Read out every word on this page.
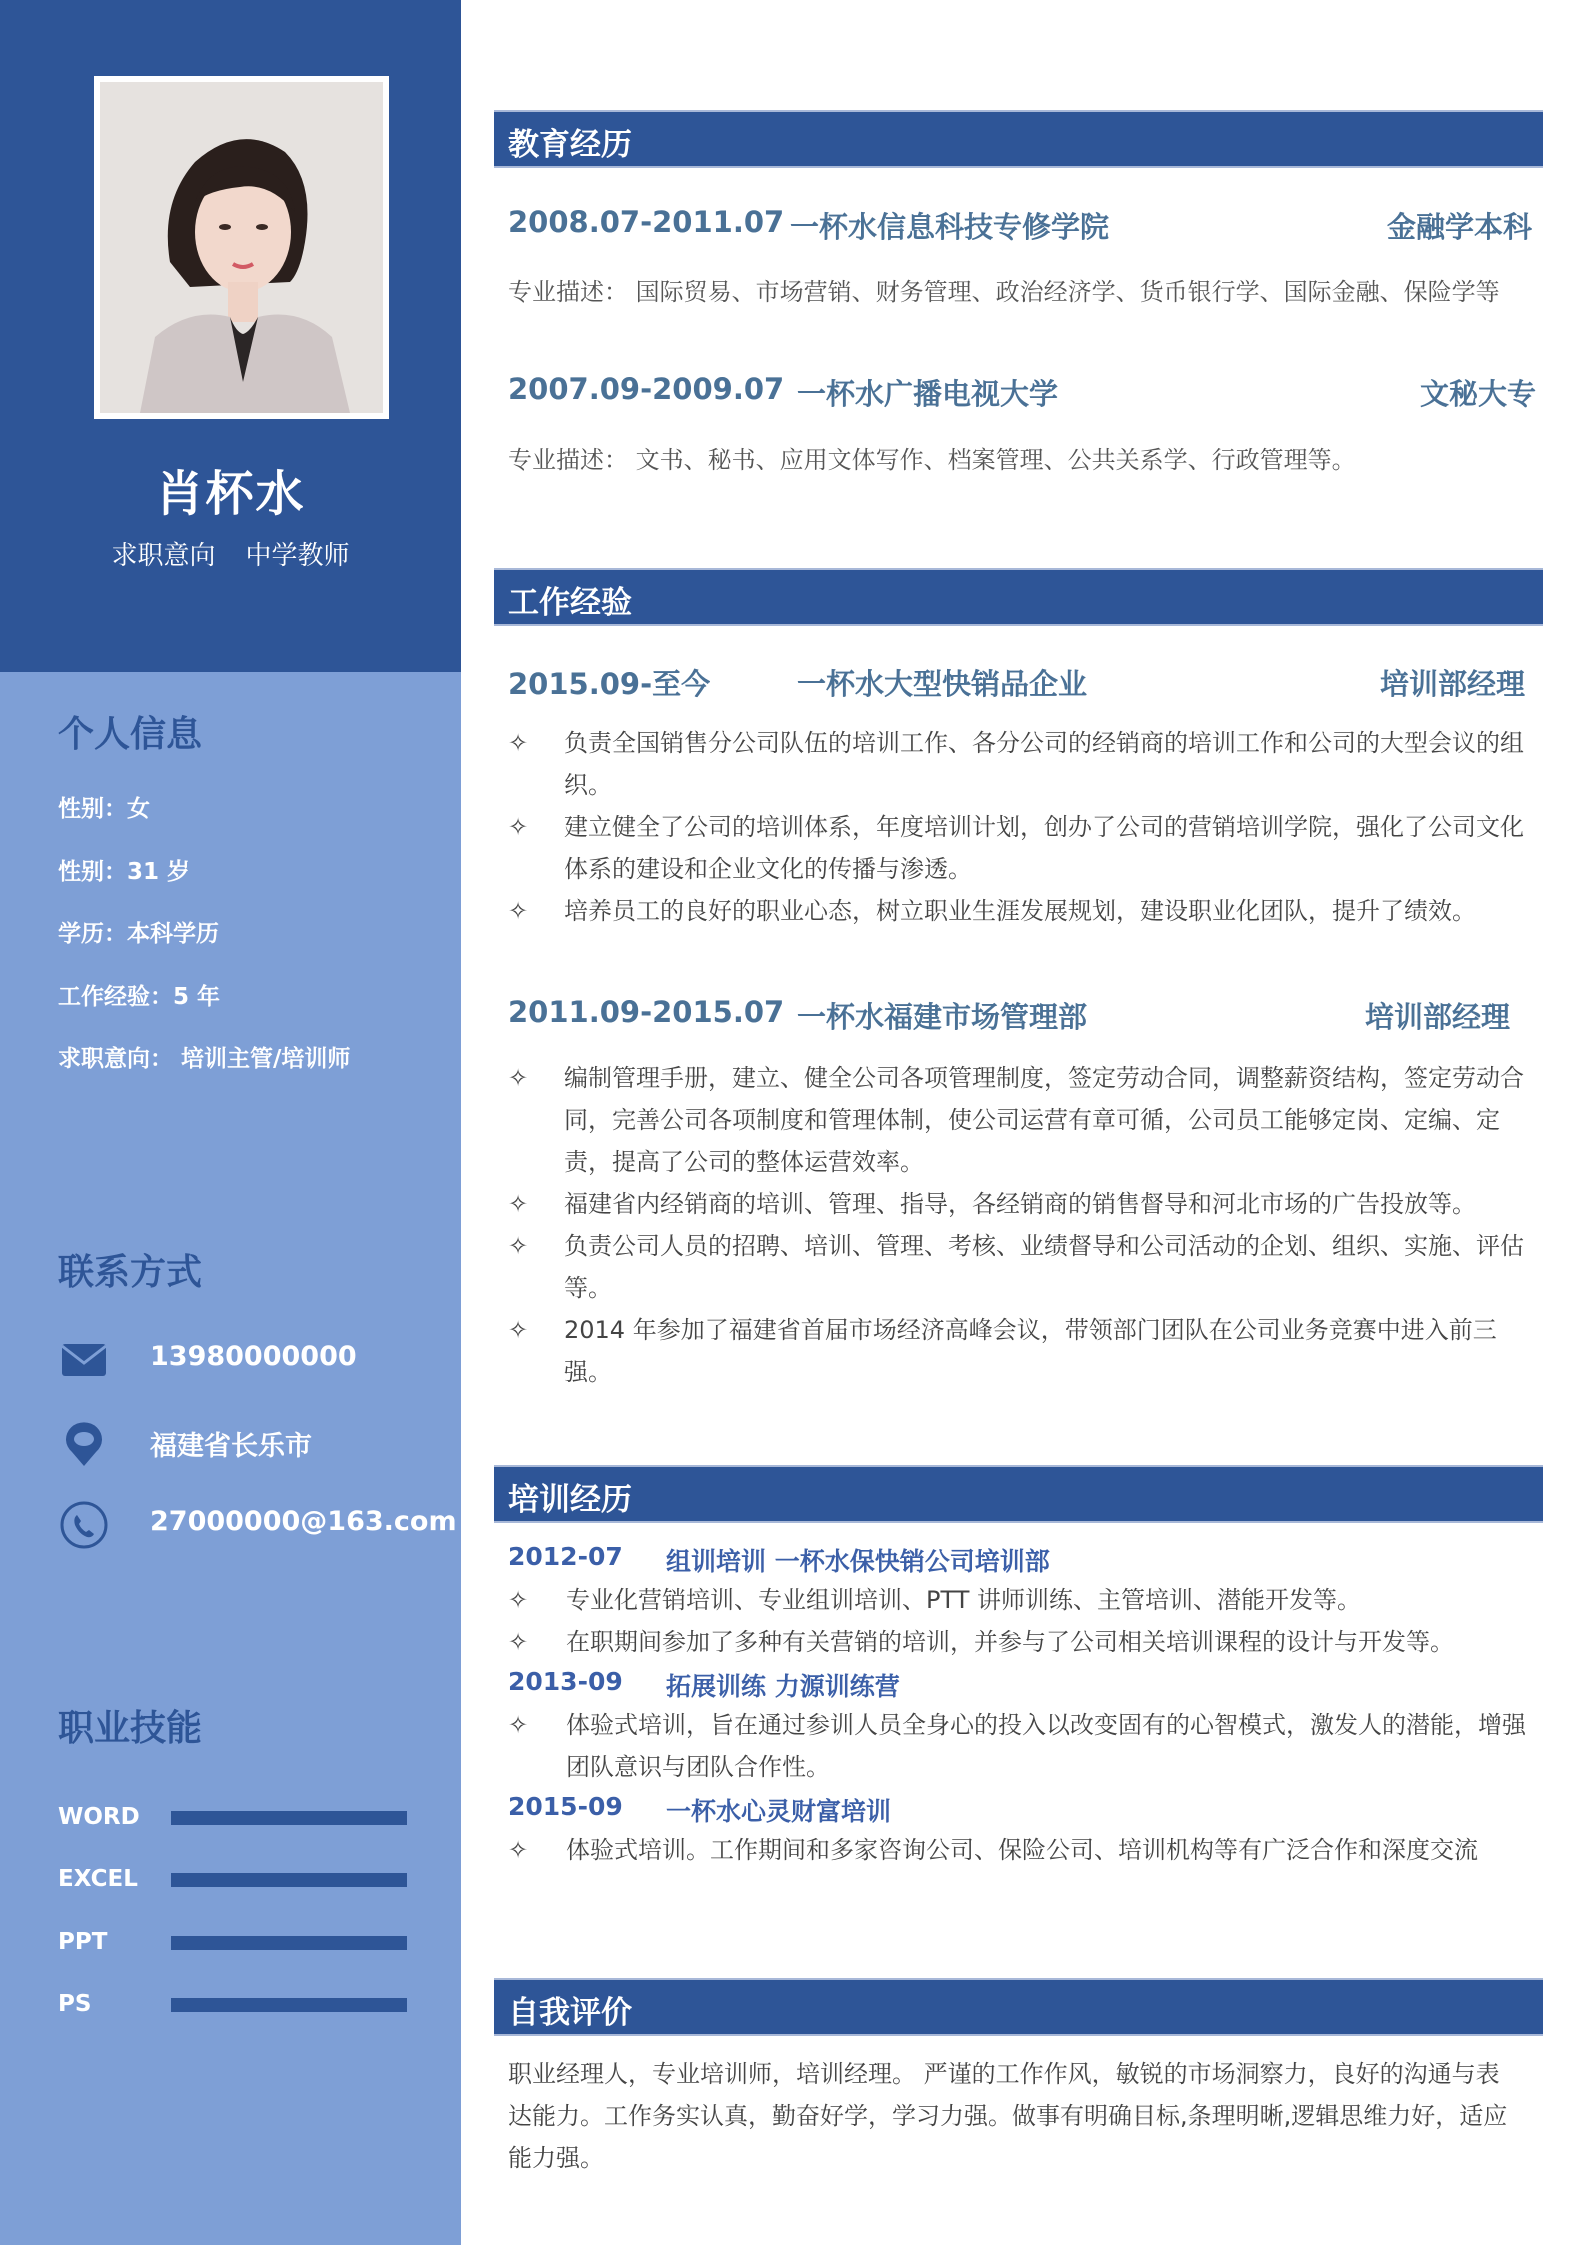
肖杯水
求职意向 中学教师
个人信息
性别：女
性别：31 岁
学历：本科学历
工作经验：5 年
求职意向： 培训主管/培训师
联系方式
13980000000
福建省长乐市
27000000@163.com
职业技能
WORD
EXCEL
PPT
PS
教育经历
2008.07-2011.07 一杯水信息科技专修学院	金融学本科
专业描述： 国际贸易、市场营销、财务管理、政治经济学、货币银行学、国际金融、保险学等
2007.09-2009.07 一杯水广播电视大学	文秘大专
专业描述： 文书、秘书、应用文体写作、档案管理、公共关系学、行政管理等。
工作经验
2015.09-至今	一杯水大型快销品企业	培训部经理
✧ 负责全国销售分公司队伍的培训工作、各分公司的经销商的培训工作和公司的大型会议的组织。
✧ 建立健全了公司的培训体系，年度培训计划，创办了公司的营销培训学院，强化了公司文化体系的建设和企业文化的传播与渗透。
✧ 培养员工的良好的职业心态，树立职业生涯发展规划，建设职业化团队，提升了绩效。
2011.09-2015.07 一杯水福建市场管理部	培训部经理
✧ 编制管理手册，建立、健全公司各项管理制度，签定劳动合同，调整薪资结构，签定劳动合同，完善公司各项制度和管理体制，使公司运营有章可循，公司员工能够定岗、定编、定责，提高了公司的整体运营效率。
✧ 福建省内经销商的培训、管理、指导，各经销商的销售督导和河北市场的广告投放等。
✧ 负责公司人员的招聘、培训、管理、考核、业绩督导和公司活动的企划、组织、实施、评估等。
✧ 2014 年参加了福建省首届市场经济高峰会议，带领部门团队在公司业务竞赛中进入前三强。
培训经历
2012-07 组训培训 一杯水保快销公司培训部
✧ 专业化营销培训、专业组训培训、PTT 讲师训练、主管培训、潜能开发等。
✧ 在职期间参加了多种有关营销的培训，并参与了公司相关培训课程的设计与开发等。
2013-09 拓展训练 力源训练营
✧ 体验式培训，旨在通过参训人员全身心的投入以改变固有的心智模式，激发人的潜能，增强团队意识与团队合作性。
2015-09 一杯水心灵财富培训
✧ 体验式培训。工作期间和多家咨询公司、保险公司、培训机构等有广泛合作和深度交流
自我评价
职业经理人，专业培训师，培训经理。 严谨的工作作风，敏锐的市场洞察力，良好的沟通与表达能力。工作务实认真，勤奋好学，学习力强。做事有明确目标,条理明晰,逻辑思维力好，适应能力强。
